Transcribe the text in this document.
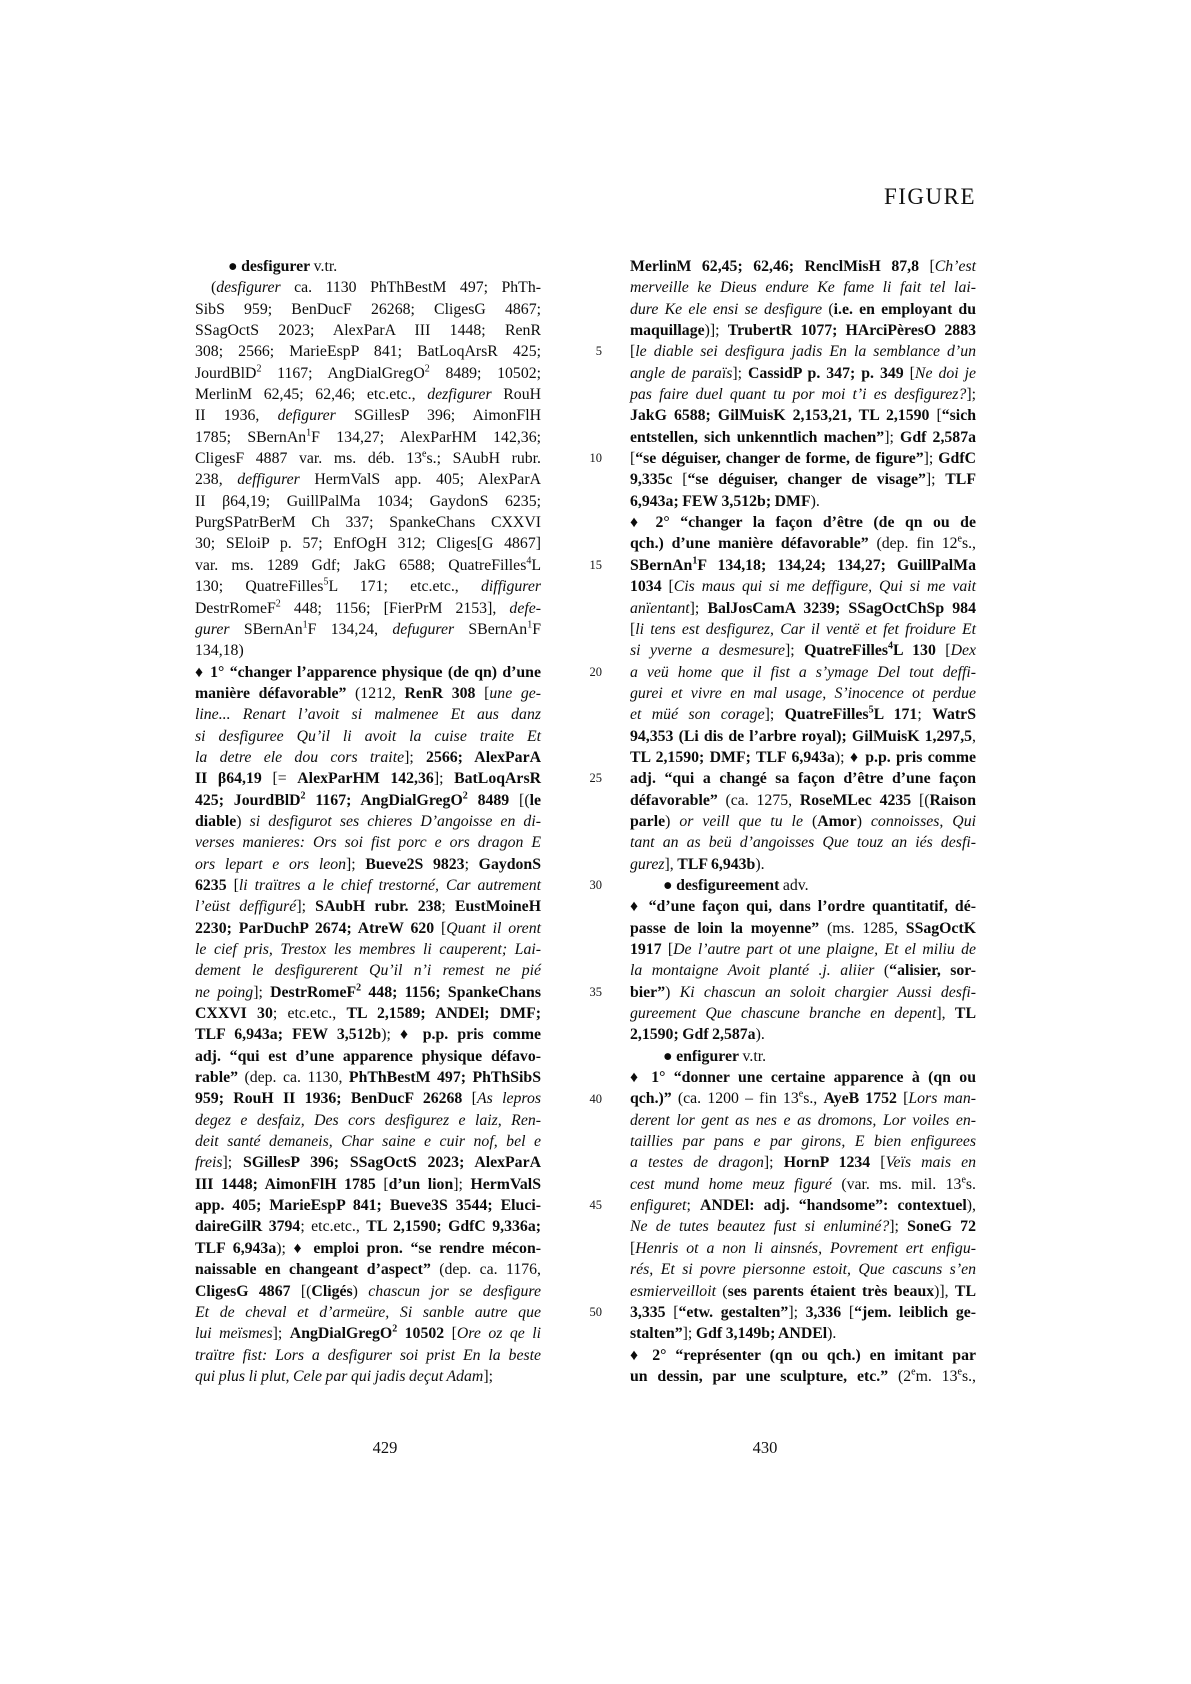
FIGURE
● desfigurer v.tr.
(desfigurer ca. 1130 PhThBestM 497; PhTh-
SibS 959; BenDucF 26268; CligesG 4867;
SSagOctS 2023; AlexParA III 1448; RenR
308; 2566; MarieEspP 841; BatLoqArsR 425;
JourdBlD$^2$ 1167; AngDialGregO$^2$ 8489; 10502;
MerlinM 62,45; 62,46; etc.etc., dezfigurer RouH
II 1936, defigurer SGillesP 396; AimonFlH
1785; SBernAn$^1$F 134,27; AlexParHM 142,36;
CligesF 4887 var. ms. déb. 13es.; SAubH rubr.
238, deffigurer HermValS app. 405; AlexParA
II β64,19; GuillPalMa 1034; GaydonS 6235;
PurgSPatrBerM Ch 337; SpankeChans CXXVI
30; SEloiP p. 57; EnfOgH 312; Cliges[G 4867]
var. ms. 1289 Gdf; JakG 6588; QuatreFilles$^4$L
130; QuatreFilles$^5$L 171; etc.etc., diffigurer
DestrRomeF$^2$ 448; 1156; [FierPrM 2153], defe-
gurer SBernAn$^1$F 134,24, defugurer SBernAn$^1$F
134,18)
♦ 1° “changer l’apparence physique (de qn) d’une
manière défavorable” (1212, RenR 308 [une ge-
line... Renart l’avoit si malmenee Et aus danz
si desfiguree Qu’il li avoit la cuise traite Et
la detre ele dou cors traite]; 2566; AlexParA
II β64,19 [= AlexParHM 142,36]; BatLoqArsR
425; JourdBlD$^2$ 1167; AngDialGregO$^2$ 8489 [(le
diable) si desfigurot ses chieres D’angoisse en di-
verses manieres: Ors soi fist porc e ors dragon E
ors lepart e ors leon]; Bueve2S 9823; GaydonS
6235 [li traïtres a le chief trestorné, Car autrement
l’eüst deffiguré]; SAubH rubr. 238; EustMoineH
2230; ParDuchP 2674; AtreW 620 [Quant il orent
le cief pris, Trestox les membres li cauperent; Lai-
dement le desfigurerent Qu’il n’i remest ne pié
ne poing]; DestrRomeF$^2$ 448; 1156; SpankeChans
CXXVI 30; etc.etc., TL 2,1589; ANDEl; DMF;
TLF 6,943a; FEW 3,512b); ♦ p.p. pris comme
adj. “qui est d’une apparence physique défavo-
rable” (dep. ca. 1130, PhThBestM 497; PhThSibS
959; RouH II 1936; BenDucF 26268 [As lepros
degez e desfaiz, Des cors desfigurez e laiz, Ren-
deit santé demaneis, Char saine e cuir nof, bel e
freis]; SGillesP 396; SSagOctS 2023; AlexParA
III 1448; AimonFlH 1785 [d’un lion]; HermValS
app. 405; MarieEspP 841; Bueve3S 3544; Eluci-
daireGilR 3794; etc.etc., TL 2,1590; GdfC 9,336a;
TLF 6,943a); ♦ emploi pron. “se rendre mécon-
naissable en changeant d’aspect” (dep. ca. 1176,
CligesG 4867 [(Cligés) chascun jor se desfigure
Et de cheval et d’armeüre, Si sanble autre que
lui meïsmes]; AngDialGregO$^2$ 10502 [Ore oz qe li
traïtre fist: Lors a desfigurer soi prist En la beste
qui plus li plut, Cele par qui jadis deçut Adam];
5
10
15
20
25
30
35
40
45
50
MerlinM 62,45; 62,46; RenclMisH 87,8 [Ch’est
merveille ke Dieus endure Ke fame li fait tel lai-
dure Ke ele ensi se desfigure (i.e. en employant du
maquillage)]; TrubertR 1077; HArciPèresO 2883
[le diable sei desfigura jadis En la semblance d’un
angle de paraïs]; CassidP p. 347; p. 349 [Ne doi je
pas faire duel quant tu por moi t’i es desfigurez?];
JakG 6588; GilMuisK 2,153,21, TL 2,1590 [“sich
entstellen, sich unkenntlich machen”]; Gdf 2,587a
[“se déguiser, changer de forme, de figure”]; GdfC
9,335c [“se déguiser, changer de visage”]; TLF
6,943a; FEW 3,512b; DMF).
♦ 2° “changer la façon d’être (de qn ou de
qch.) d’une manière défavorable” (dep. fin 12es.,
SBernAn$^1$F 134,18; 134,24; 134,27; GuillPalMa
1034 [Cis maus qui si me deffigure, Qui si me vait
anïentant]; BalJosCamA 3239; SSagOctChSp 984
[li tens est desfigurez, Car il ventë et fet froidure Et
si yverne a desmesure]; QuatreFilles$^4$L 130 [Dex
a veü home que il fist a s’ymage Del tout deffi-
gurei et vivre en mal usage, S’inocence ot perdue
et müé son corage]; QuatreFilles$^5$L 171; WatrS
94,353 (Li dis de l’arbre royal); GilMuisK 1,297,5,
TL 2,1590; DMF; TLF 6,943a); ♦ p.p. pris comme
adj. “qui a changé sa façon d’être d’une façon
défavorable” (ca. 1275, RoseMLec 4235 [(Raison
parle) or veill que tu le (Amor) connoisses, Qui
tant an as beü d’angoisses Que touz an iés desfi-
gurez], TLF 6,943b).
● desfigureement adv.
♦ “d’une façon qui, dans l’ordre quantitatif, dé-
passe de loin la moyenne” (ms. 1285, SSagOctK
1917 [De l’autre part ot une plaigne, Et el miliu de
la montaigne Avoit planté .j. aliier (“alisier, sor-
bier”) Ki chascun an soloit chargier Aussi desfi-
gureement Que chascune branche en depent], TL
2,1590; Gdf 2,587a).
● enfigurer v.tr.
♦ 1° “donner une certaine apparence à (qn ou
qch.)” (ca. 1200 – fin 13es., AyeB 1752 [Lors man-
derent lor gent as nes e as dromons, Lor voiles en-
taillies par pans e par girons, E bien enfigurees
a testes de dragon]; HornP 1234 [Veïs mais en
cest mund home meuz figuré (var. ms. mil. 13es.
enfiguret; ANDEl: adj. “handsome”: contextuel),
Ne de tutes beautez fust si enluminé?]; SoneG 72
[Henris ot a non li ainsnés, Povrement ert enfigu-
rés, Et si povre piersonne estoit, Que cascuns s’en
esmierveilloit (ses parents étaient très beaux)], TL
3,335 [“etw. gestalten”]; 3,336 [“jem. leiblich ge-
stalten”]; Gdf 3,149b; ANDEl).
♦ 2° “représenter (qn ou qch.) en imitant par
un dessin, par une sculpture, etc.” (2em. 13es.,
429	430
